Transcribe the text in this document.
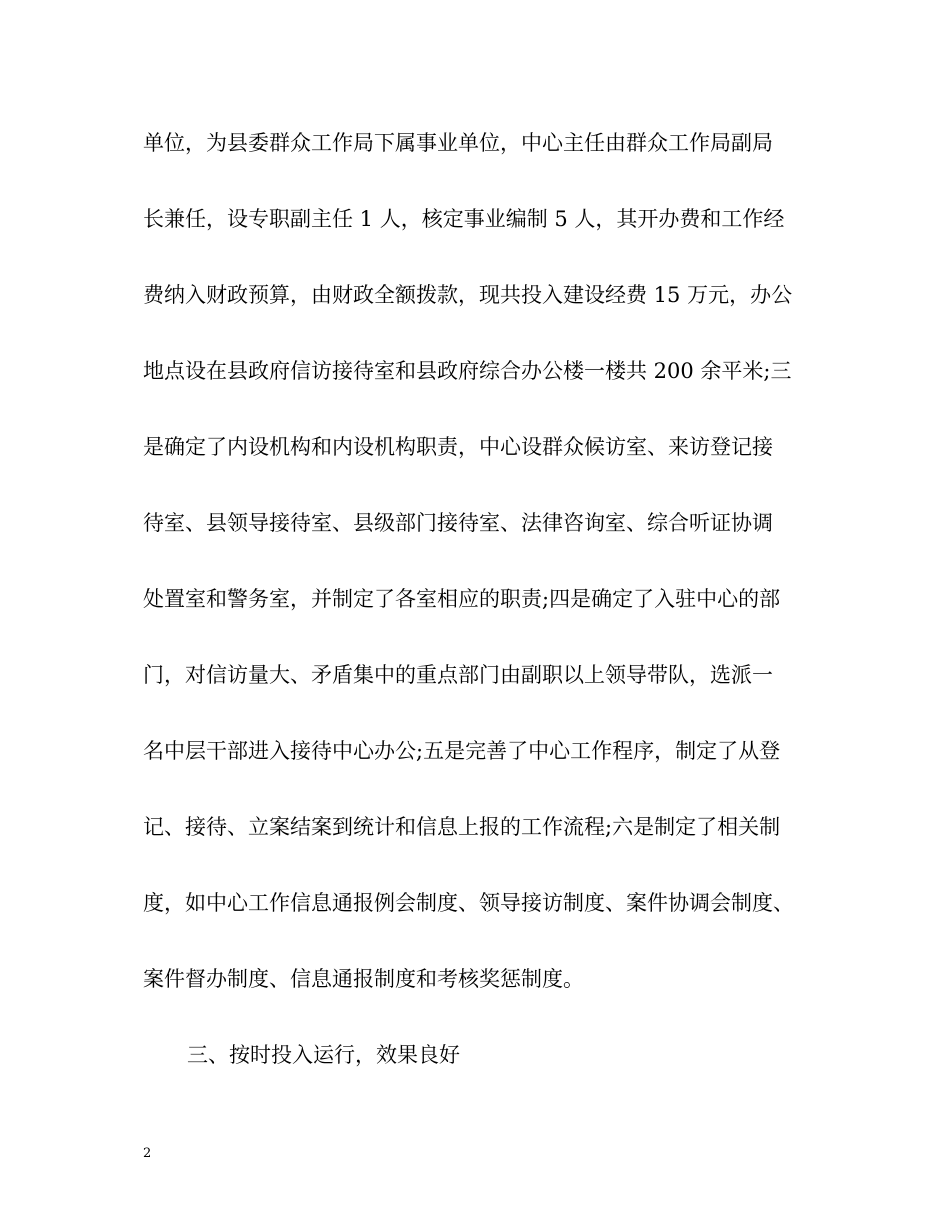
单位，为县委群众工作局下属事业单位，中心主任由群众工作局副局
长兼任，设专职副主任 1 人，核定事业编制 5 人，其开办费和工作经
费纳入财政预算，由财政全额拨款，现共投入建设经费 15 万元，办公
地点设在县政府信访接待室和县政府综合办公楼一楼共 200 余平米;三
是确定了内设机构和内设机构职责，中心设群众候访室、来访登记接
待室、县领导接待室、县级部门接待室、法律咨询室、综合听证协调
处置室和警务室，并制定了各室相应的职责;四是确定了入驻中心的部
门，对信访量大、矛盾集中的重点部门由副职以上领导带队，选派一
名中层干部进入接待中心办公;五是完善了中心工作程序，制定了从登
记、接待、立案结案到统计和信息上报的工作流程;六是制定了相关制
度，如中心工作信息通报例会制度、领导接访制度、案件协调会制度、
案件督办制度、信息通报制度和考核奖惩制度。
三、按时投入运行，效果良好
2
